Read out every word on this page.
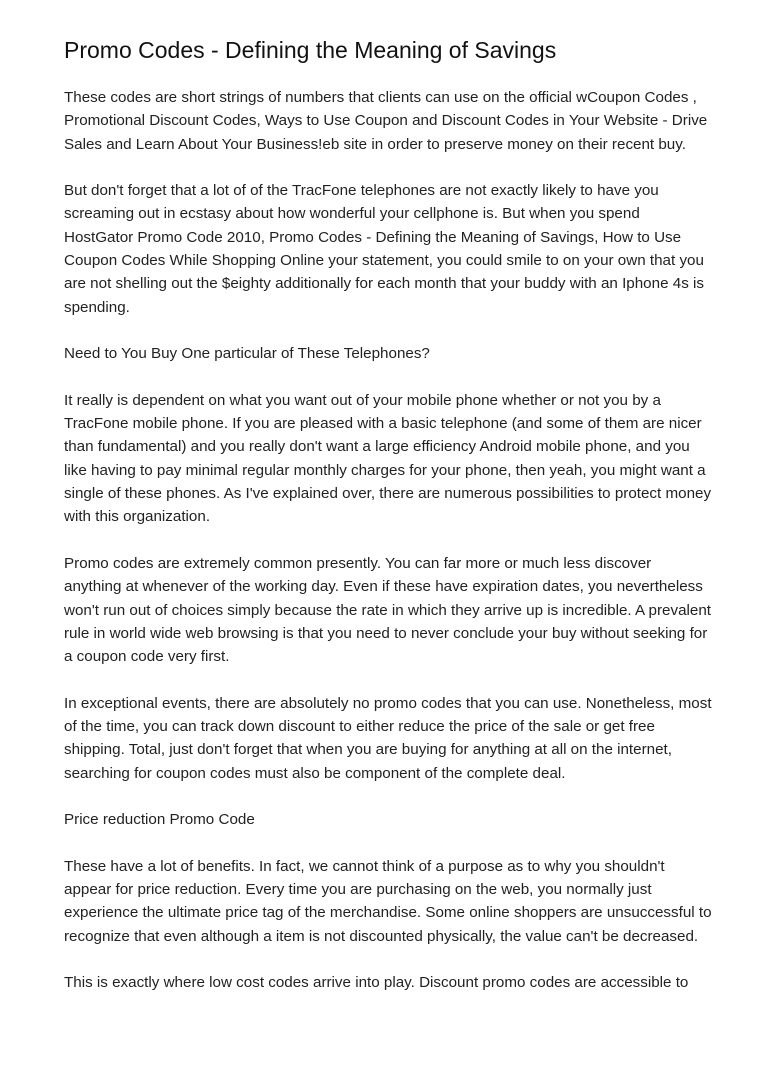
Promo Codes - Defining the Meaning of Savings

These codes are short strings of numbers that clients can use on the official wCoupon Codes , Promotional Discount Codes, Ways to Use Coupon and Discount Codes in Your Website - Drive Sales and Learn About Your Business!eb site in order to preserve money on their recent buy.

But don't forget that a lot of of the TracFone telephones are not exactly likely to have you screaming out in ecstasy about how wonderful your cellphone is. But when you spend HostGator Promo Code 2010, Promo Codes - Defining the Meaning of Savings, How to Use Coupon Codes While Shopping Online your statement, you could smile to on your own that you are not shelling out the $eighty additionally for each month that your buddy with an Iphone 4s is spending.

Need to You Buy One particular of These Telephones?

It really is dependent on what you want out of your mobile phone whether or not you by a TracFone mobile phone. If you are pleased with a basic telephone (and some of them are nicer than fundamental) and you really don't want a large efficiency Android mobile phone, and you like having to pay minimal regular monthly charges for your phone, then yeah, you might want a single of these phones. As I've explained over, there are numerous possibilities to protect money with this organization.

Promo codes are extremely common presently. You can far more or much less discover anything at whenever of the working day. Even if these have expiration dates, you nevertheless won't run out of choices simply because the rate in which they arrive up is incredible. A prevalent rule in world wide web browsing is that you need to never conclude your buy without seeking for a coupon code very first.

In exceptional events, there are absolutely no promo codes that you can use. Nonetheless, most of the time, you can track down discount to either reduce the price of the sale or get free shipping. Total, just don't forget that when you are buying for anything at all on the internet, searching for coupon codes must also be component of the complete deal.

Price reduction Promo Code

These have a lot of benefits. In fact, we cannot think of a purpose as to why you shouldn't appear for price reduction. Every time you are purchasing on the web, you normally just experience the ultimate price tag of the merchandise. Some online shoppers are unsuccessful to recognize that even although a item is not discounted physically, the value can't be decreased.

This is exactly where low cost codes arrive into play. Discount promo codes are accessible to
